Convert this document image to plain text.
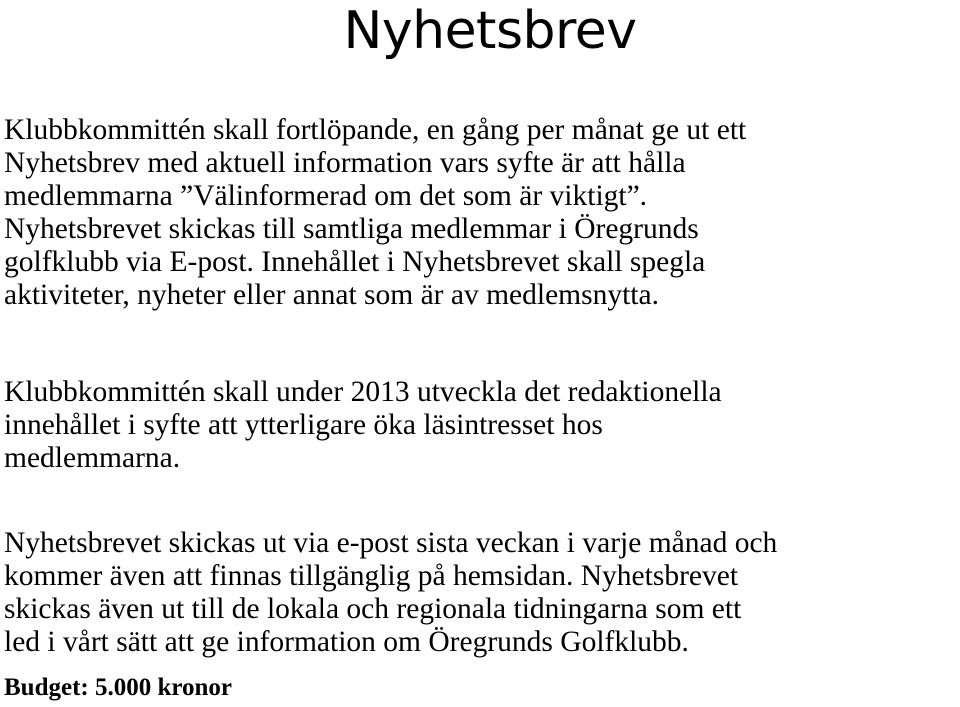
Nyhetsbrev

Klubbkommittén skall fortlöpande, en gång per månat ge ut ett
Nyhetsbrev med aktuell information vars syfte är att hålla
medlemmarna ”Välinformerad om det som är viktigt”.
Nyhetsbrevet skickas till samtliga medlemmar i Öregrunds
golfklubb via E-post. Innehållet i Nyhetsbrevet skall spegla
aktiviteter, nyheter eller annat som är av medlemsnytta.

Klubbkommittén skall under 2013 utveckla det redaktionella
innehållet i syfte att ytterligare öka läsintresset hos
medlemmarna.

Nyhetsbrevet skickas ut via e-post sista veckan i varje månad och
kommer även att finnas tillgänglig på hemsidan. Nyhetsbrevet
skickas även ut till de lokala och regionala tidningarna som ett
led i vårt sätt att ge information om Öregrunds Golfklubb.

Budget: 5.000 kronor
